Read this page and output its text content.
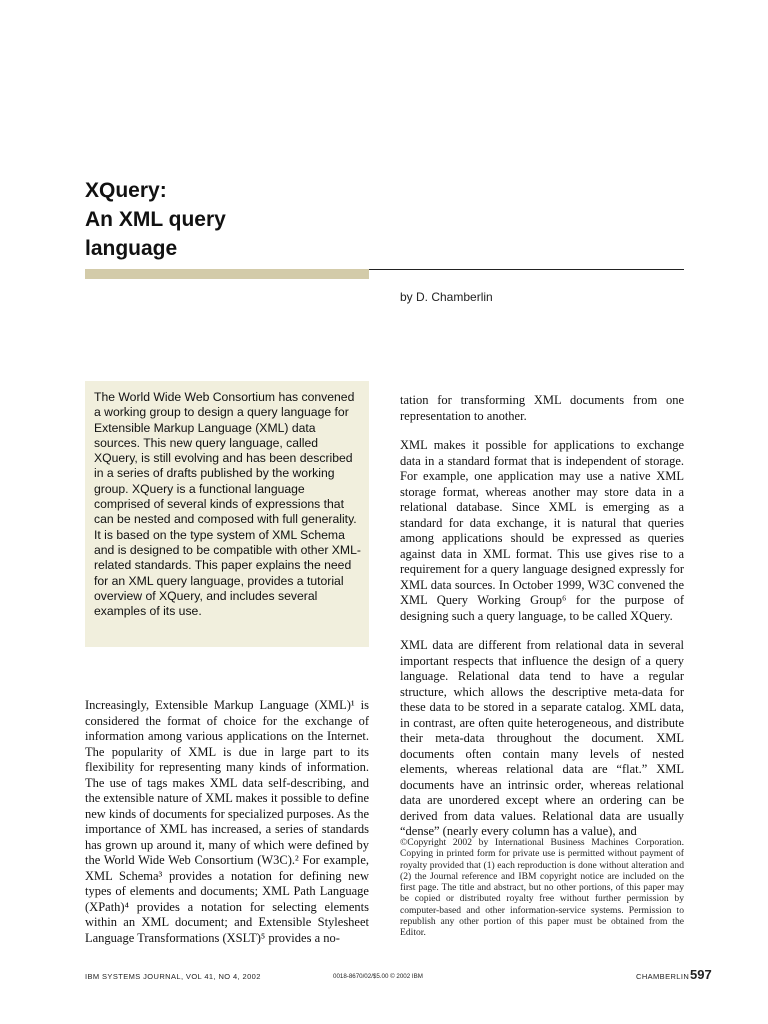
XQuery:
An XML query
language
by D. Chamberlin

The World Wide Web Consortium has convened a working group to design a query language for Extensible Markup Language (XML) data sources. This new query language, called XQuery, is still evolving and has been described in a series of drafts published by the working group. XQuery is a functional language comprised of several kinds of expressions that can be nested and composed with full generality. It is based on the type system of XML Schema and is designed to be compatible with other XML-related standards. This paper explains the need for an XML query language, provides a tutorial overview of XQuery, and includes several examples of its use.

Increasingly, Extensible Markup Language (XML)¹ is considered the format of choice for the exchange of information among various applications on the Internet. The popularity of XML is due in large part to its flexibility for representing many kinds of information. The use of tags makes XML data self-describing, and the extensible nature of XML makes it possible to define new kinds of documents for specialized purposes. As the importance of XML has increased, a series of standards has grown up around it, many of which were defined by the World Wide Web Consortium (W3C).² For example, XML Schema³ provides a notation for defining new types of elements and documents; XML Path Language (XPath)⁴ provides a notation for selecting elements within an XML document; and Extensible Stylesheet Language Transformations (XSLT)⁵ provides a no-

tation for transforming XML documents from one representation to another.

XML makes it possible for applications to exchange data in a standard format that is independent of storage. For example, one application may use a native XML storage format, whereas another may store data in a relational database. Since XML is emerging as a standard for data exchange, it is natural that queries among applications should be expressed as queries against data in XML format. This use gives rise to a requirement for a query language designed expressly for XML data sources. In October 1999, W3C convened the XML Query Working Group⁶ for the purpose of designing such a query language, to be called XQuery.

XML data are different from relational data in several important respects that influence the design of a query language. Relational data tend to have a regular structure, which allows the descriptive meta-data for these data to be stored in a separate catalog. XML data, in contrast, are often quite heterogeneous, and distribute their meta-data throughout the document. XML documents often contain many levels of nested elements, whereas relational data are “flat.” XML documents have an intrinsic order, whereas relational data are unordered except where an ordering can be derived from data values. Relational data are usually “dense” (nearly every column has a value), and

©Copyright 2002 by International Business Machines Corporation. Copying in printed form for private use is permitted without payment of royalty provided that (1) each reproduction is done without alteration and (2) the Journal reference and IBM copyright notice are included on the first page. The title and abstract, but no other portions, of this paper may be copied or distributed royalty free without further permission by computer-based and other information-service systems. Permission to republish any other portion of this paper must be obtained from the Editor.
IBM SYSTEMS JOURNAL, VOL 41, NO 4, 2002	0018-8670/02/$5.00 © 2002 IBM	CHAMBERLIN 597
